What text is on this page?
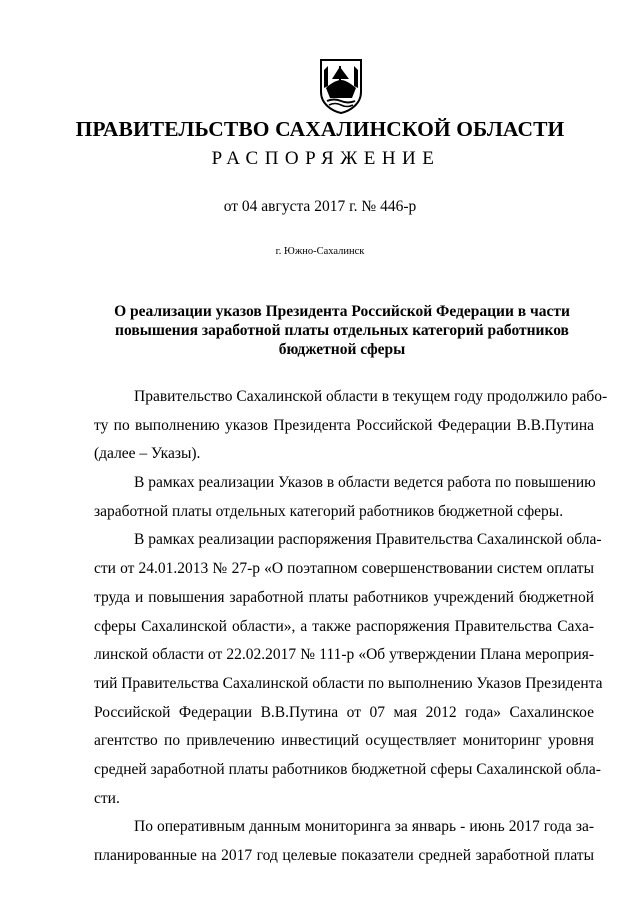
ПРАВИТЕЛЬСТВО САХАЛИНСКОЙ ОБЛАСТИ
РАСПОРЯЖЕНИЕ
от 04 августа 2017 г. № 446-р
г. Южно-Сахалинск
О реализации указов Президента Российской Федерации в части
повышения заработной платы отдельных категорий работников
бюджетной сферы
Правительство Сахалинской области в текущем году продолжило рабо-
ту по выполнению указов Президента Российской Федерации В.В.Путина
(далее – Указы).
В рамках реализации Указов в области ведется работа по повышению
заработной платы отдельных категорий работников бюджетной сферы.
В рамках реализации распоряжения Правительства Сахалинской обла-
сти от 24.01.2013 № 27-р «О поэтапном совершенствовании систем оплаты
труда и повышения заработной платы работников учреждений бюджетной
сферы Сахалинской области», а также распоряжения Правительства Саха-
линской области от 22.02.2017 № 111-р «Об утверждении Плана мероприя-
тий Правительства Сахалинской области по выполнению Указов Президента
Российской Федерации В.В.Путина от 07 мая 2012 года» Сахалинское
агентство по привлечению инвестиций осуществляет мониторинг уровня
средней заработной платы работников бюджетной сферы Сахалинской обла-
сти.
По оперативным данным мониторинга за январь - июнь 2017 года за-
планированные на 2017 год целевые показатели средней заработной платы
